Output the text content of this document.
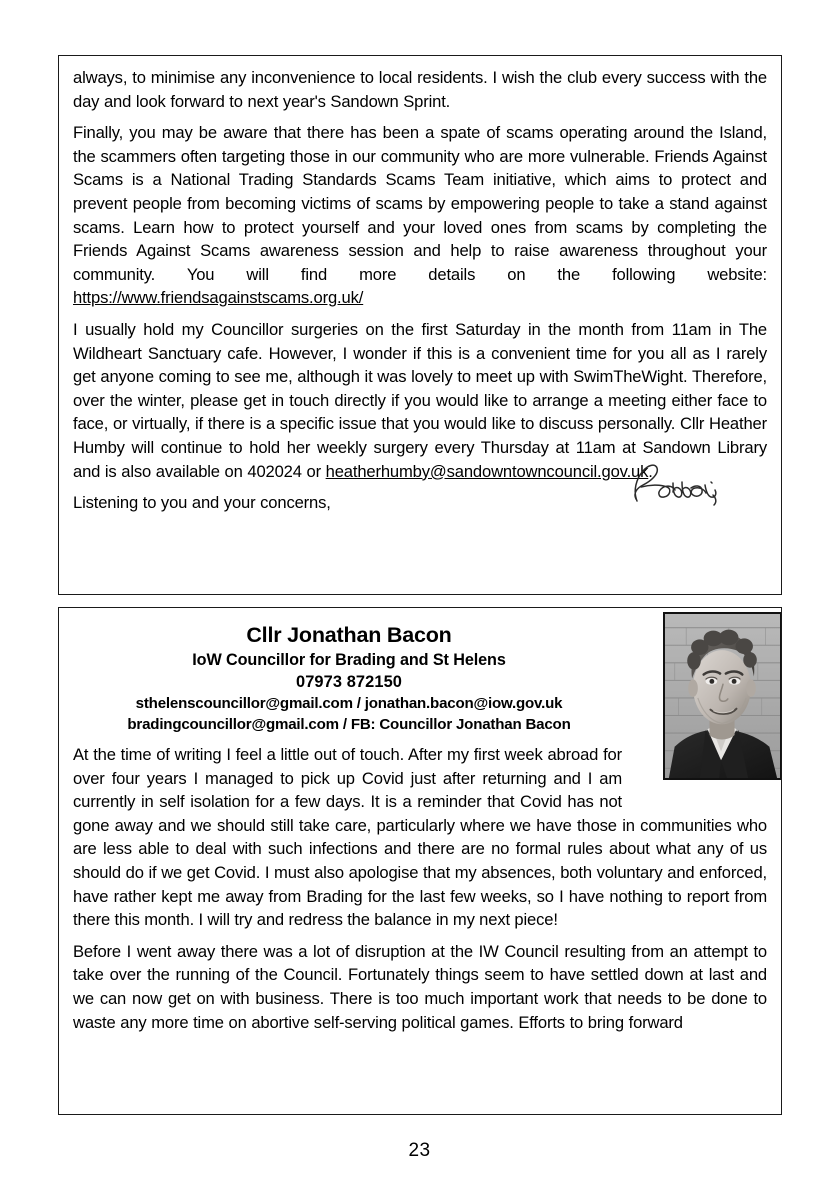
always, to minimise any inconvenience to local residents. I wish the club every success with the day and look forward to next year's Sandown Sprint.

Finally, you may be aware that there has been a spate of scams operating around the Island, the scammers often targeting those in our community who are more vulnerable. Friends Against Scams is a National Trading Standards Scams Team initiative, which aims to protect and prevent people from becoming victims of scams by empowering people to take a stand against scams. Learn how to protect yourself and your loved ones from scams by completing the Friends Against Scams awareness session and help to raise awareness throughout your community. You will find more details on the following website: https://www.friendsagainstscams.org.uk/

I usually hold my Councillor surgeries on the first Saturday in the month from 11am in The Wildheart Sanctuary cafe. However, I wonder if this is a convenient time for you all as I rarely get anyone coming to see me, although it was lovely to meet up with SwimTheWight. Therefore, over the winter, please get in touch directly if you would like to arrange a meeting either face to face, or virtually, if there is a specific issue that you would like to discuss personally. Cllr Heather Humby will continue to hold her weekly surgery every Thursday at 11am at Sandown Library and is also available on 402024 or heatherhumby@sandowntowncouncil.gov.uk.

Listening to you and your concerns,

Cllr Jonathan Bacon
IoW Councillor for Brading and St Helens
07973 872150
sthelenscouncillor@gmail.com / jonathan.bacon@iow.gov.uk
bradingcouncillor@gmail.com / FB: Councillor Jonathan Bacon

At the time of writing I feel a little out of touch. After my first week abroad for over four years I managed to pick up Covid just after returning and I am currently in self isolation for a few days. It is a reminder that Covid has not gone away and we should still take care, particularly where we have those in communities who are less able to deal with such infections and there are no formal rules about what any of us should do if we get Covid. I must also apologise that my absences, both voluntary and enforced, have rather kept me away from Brading for the last few weeks, so I have nothing to report from there this month. I will try and redress the balance in my next piece!

Before I went away there was a lot of disruption at the IW Council resulting from an attempt to take over the running of the Council. Fortunately things seem to have settled down at last and we can now get on with business. There is too much important work that needs to be done to waste any more time on abortive self-serving political games. Efforts to bring forward

23
